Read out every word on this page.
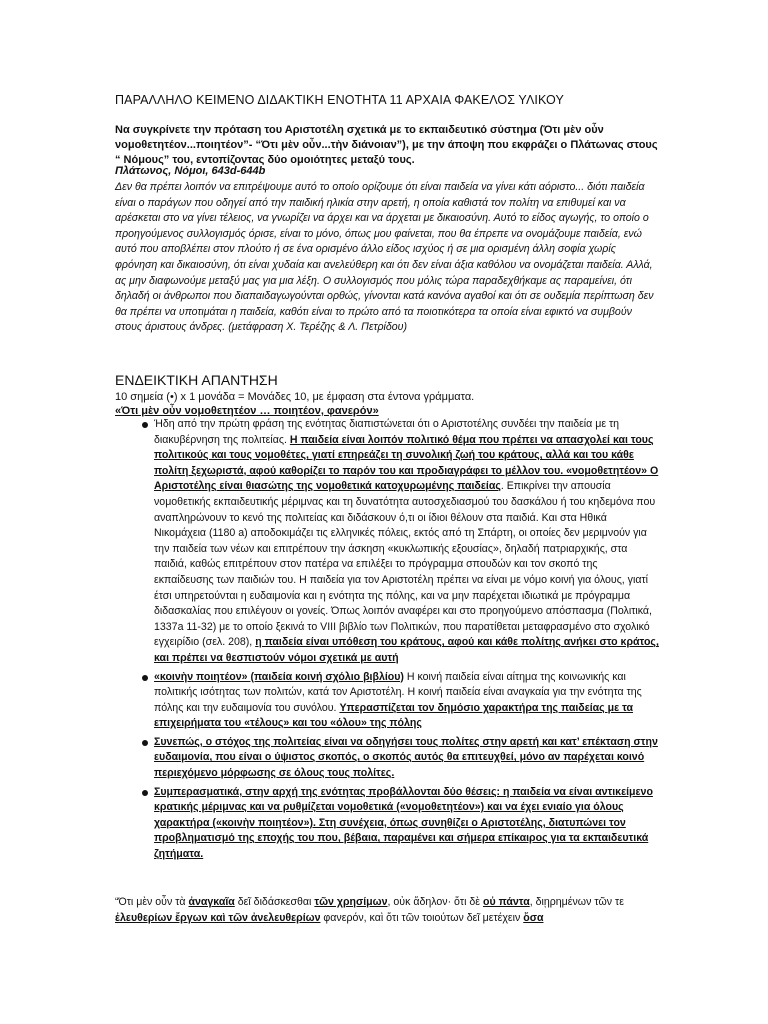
ΠΑΡΑΛΛΗΛΟ ΚΕΙΜΕΝΟ ΔΙΔΑΚΤΙΚΗ ΕΝΟΤΗΤΑ 11 ΑΡΧΑΙΑ ΦΑΚΕΛΟΣ ΥΛΙΚΟΥ
Να συγκρίνετε την πρόταση του Αριστοτέλη σχετικά με το εκπαιδευτικό σύστημα (Ότι μὲν οὖν νομοθετητέον...ποιητέον”- “Ότι μὲν οὖν...τὴν διάνοιαν”), με την άποψη που εκφράζει ο Πλάτωνας στους “ Νόμους” του, εντοπίζοντας δύο ομοιότητες μεταξύ τους.
Πλάτωνος, Νόμοι, 643d-644b
Δεν θα πρέπει λοιπόν να επιτρέψουμε αυτό το οποίο ορίζουμε ότι είναι παιδεία να γίνει κάτι αόριστο... διότι παιδεία είναι ο παράγων που οδηγεί από την παιδική ηλικία στην αρετή, η οποία καθιστά τον πολίτη να επιθυμεί και να αρέσκεται στο να γίνει τέλειος, να γνωρίζει να άρχει και να άρχεται με δικαιοσύνη. Αυτό το είδος αγωγής, το οποίο ο προηγούμενος συλλογισμός όρισε, είναι το μόνο, όπως μου φαίνεται, που θα έπρεπε να ονομάζουμε παιδεία, ενώ αυτό που αποβλέπει στον πλούτο ή σε ένα ορισμένο άλλο είδος ισχύος ή σε μια ορισμένη άλλη σοφία χωρίς φρόνηση και δικαιοσύνη, ότι είναι χυδαία και ανελεύθερη και ότι δεν είναι άξια καθόλου να ονομάζεται παιδεία. Αλλά, ας μην διαφωνούμε μεταξύ μας για μια λέξη. Ο συλλογισμός που μόλις τώρα παραδεχθήκαμε ας παραμείνει, ότι δηλαδή οι άνθρωποι που διαπαιδαγωγούνται ορθώς, γίνονται κατά κανόνα αγαθοί και ότι σε ουδεμία περίπτωση δεν θα πρέπει να υποτιμάται η παιδεία, καθότι είναι το πρώτο από τα ποιοτικότερα τα οποία είναι εφικτό να συμβούν στους άριστους άνδρες. (μετάφραση Χ. Τερέζης & Λ. Πετρίδου)
ΕΝΔΕΙΚΤΙΚΗ ΑΠΑΝΤΗΣΗ
10 σημεία (•) x 1 μονάδα = Μονάδες 10, με έμφαση στα έντονα γράμματα.
«Ότι μὲν οὖν νομοθετητέον … ποιητέον, φανερόν»
Ήδη από την πρώτη φράση της ενότητας διαπιστώνεται ότι ο Αριστοτέλης συνδέει την παιδεία με τη διακυβέρνηση της πολιτείας. Η παιδεία είναι λοιπόν πολιτικό θέμα που πρέπει να απασχολεί και τους πολιτικούς και τους νομοθέτες, γιατί επηρεάζει τη συνολική ζωή του κράτους, αλλά και του κάθε πολίτη ξεχωριστά, αφού καθορίζει το παρόν του και προδιαγράφει το μέλλον του. «νομοθετητέον» Ο Αριστοτέλης είναι θιασώτης της νομοθετικά κατοχυρωμένης παιδείας. Επικρίνει την απουσία νομοθετικής εκπαιδευτικής μέριμνας και τη δυνατότητα αυτοσχεδιασμού του δασκάλου ή του κηδεμόνα που αναπληρώνουν το κενό της πολιτείας και διδάσκουν ό,τι οι ίδιοι θέλουν στα παιδιά. Και στα Ηθικά Νικομάχεια (1180 a) αποδοκιμάζει τις ελληνικές πόλεις, εκτός από τη Σπάρτη, οι οποίες δεν μεριμνούν για την παιδεία των νέων και επιτρέπουν την άσκηση «κυκλωπικής εξουσίας», δηλαδή πατριαρχικής, στα παιδιά, καθώς επιτρέπουν στον πατέρα να επιλέξει το πρόγραμμα σπουδών και τον σκοπό της εκπαίδευσης των παιδιών του. Η παιδεία για τον Αριστοτέλη πρέπει να είναι με νόμο κοινή για όλους, γιατί έτσι υπηρετούνται η ευδαιμονία και η ενότητα της πόλης, και να μην παρέχεται ιδιωτικά με πρόγραμμα διδασκαλίας που επιλέγουν οι γονείς. Όπως λοιπόν αναφέρει και στο προηγούμενο απόσπασμα (Πολιτικά, 1337a 11-32) με το οποίο ξεκινά το VIII βιβλίο των Πολιτικών, που παρατίθεται μεταφρασμένο στο σχολικό εγχειρίδιο (σελ. 208), η παιδεία είναι υπόθεση του κράτους, αφού και κάθε πολίτης ανήκει στο κράτος, και πρέπει να θεσπιστούν νόμοι σχετικά με αυτή
«κοινὴν ποιητέον» (παιδεία κοινή σχόλιο βιβλίου) Η κοινή παιδεία είναι αίτημα της κοινωνικής και πολιτικής ισότητας των πολιτών, κατά τον Αριστοτέλη. Η κοινή παιδεία είναι αναγκαία για την ενότητα της πόλης και την ευδαιμονία του συνόλου. Υπερασπίζεται τον δημόσιο χαρακτήρα της παιδείας με τα επιχειρήματα του «τέλους» και του «όλου» της πόλης
Συνεπώς, ο στόχος της πολιτείας είναι να οδηγήσει τους πολίτες στην αρετή και κατ’ επέκταση στην ευδαιμονία, που είναι ο ύψιστος σκοπός, ο σκοπός αυτός θα επιτευχθεί, μόνο αν παρέχεται κοινό περιεχόμενο μόρφωσης σε όλους τους πολίτες.
Συμπερασματικά, στην αρχή της ενότητας προβάλλονται δύο θέσεις: η παιδεία να είναι αντικείμενο κρατικής μέριμνας και να ρυθμίζεται νομοθετικά («νομοθετητέον») και να έχει ενιαίο για όλους χαρακτήρα («κοινὴν ποιητέον»). Στη συνέχεια, όπως συνηθίζει ο Αριστοτέλης, διατυπώνει τον προβληματισμό της εποχής του που, βέβαια, παραμένει και σήμερα επίκαιρος για τα εκπαιδευτικά ζητήματα.
“Ότι μὲν οὖν τὰ ἀναγκαῖα δεῖ διδάσκεσθαι τῶν χρησίμων, οὐκ ἄδηλον· ὅτι δὲ οὐ πάντα, διῃρημένων τῶν τε ἐλευθερίων ἔργων καὶ τῶν ἀνελευθερίων φανερόν, καὶ ὅτι τῶν τοιούτων δεῖ μετέχειν ὅσα
